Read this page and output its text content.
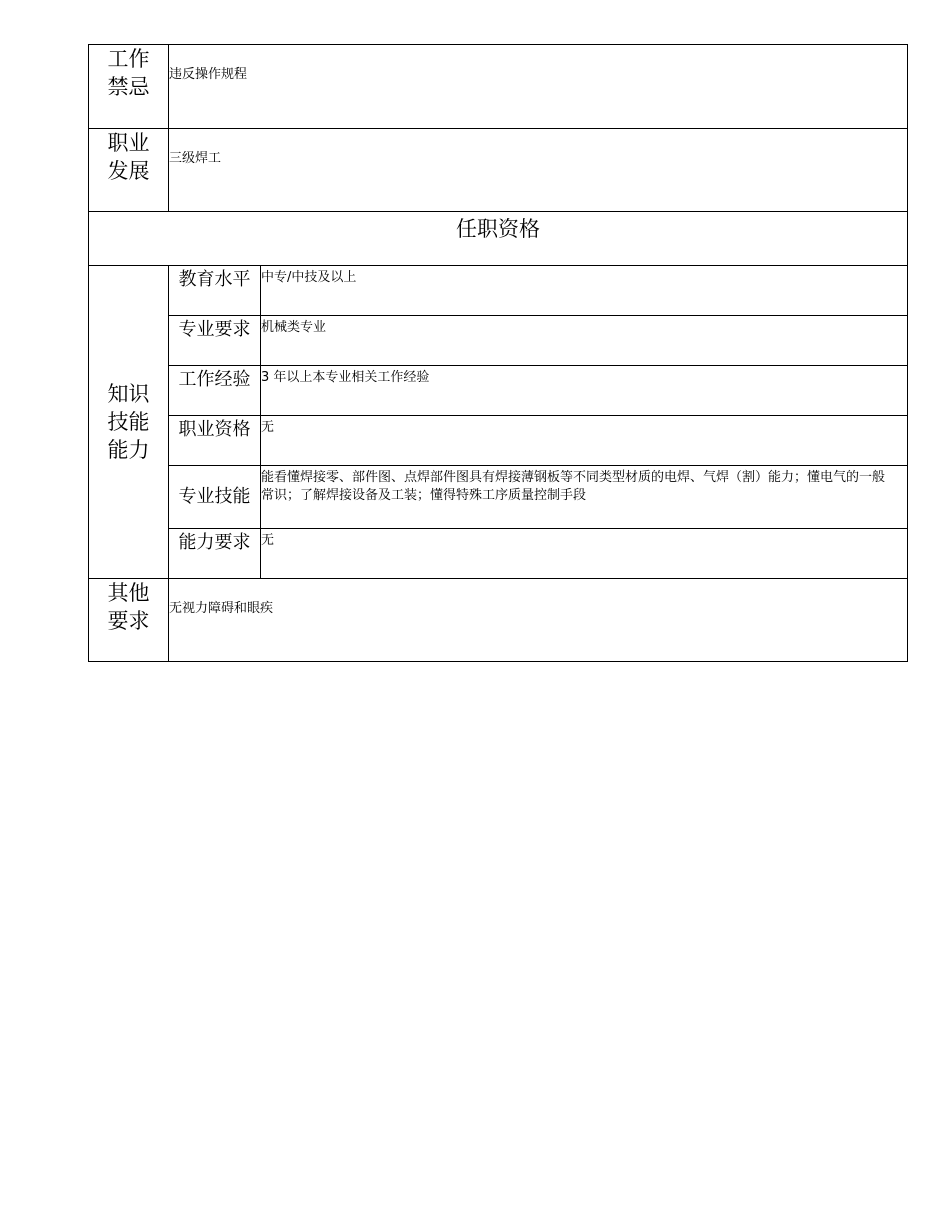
工作
禁忌	违反操作规程	

职业
发展	三级焊工	
任职资格		

知识
技能
能力	教育水平	中专/中技及以上
	专业要求	机械类专业
	工作经验	3 年以上本专业相关工作经验
	职业资格	无
	专业技能	能看懂焊接零、部件图、点焊部件图具有焊接薄钢板等不同类型材质的电焊、气焊（割）能力；懂电气的一般常识；了解焊接设备及工装；懂得特殊工序质量控制手段
	能力要求	无

其他
要求	无视力障碍和眼疾	
